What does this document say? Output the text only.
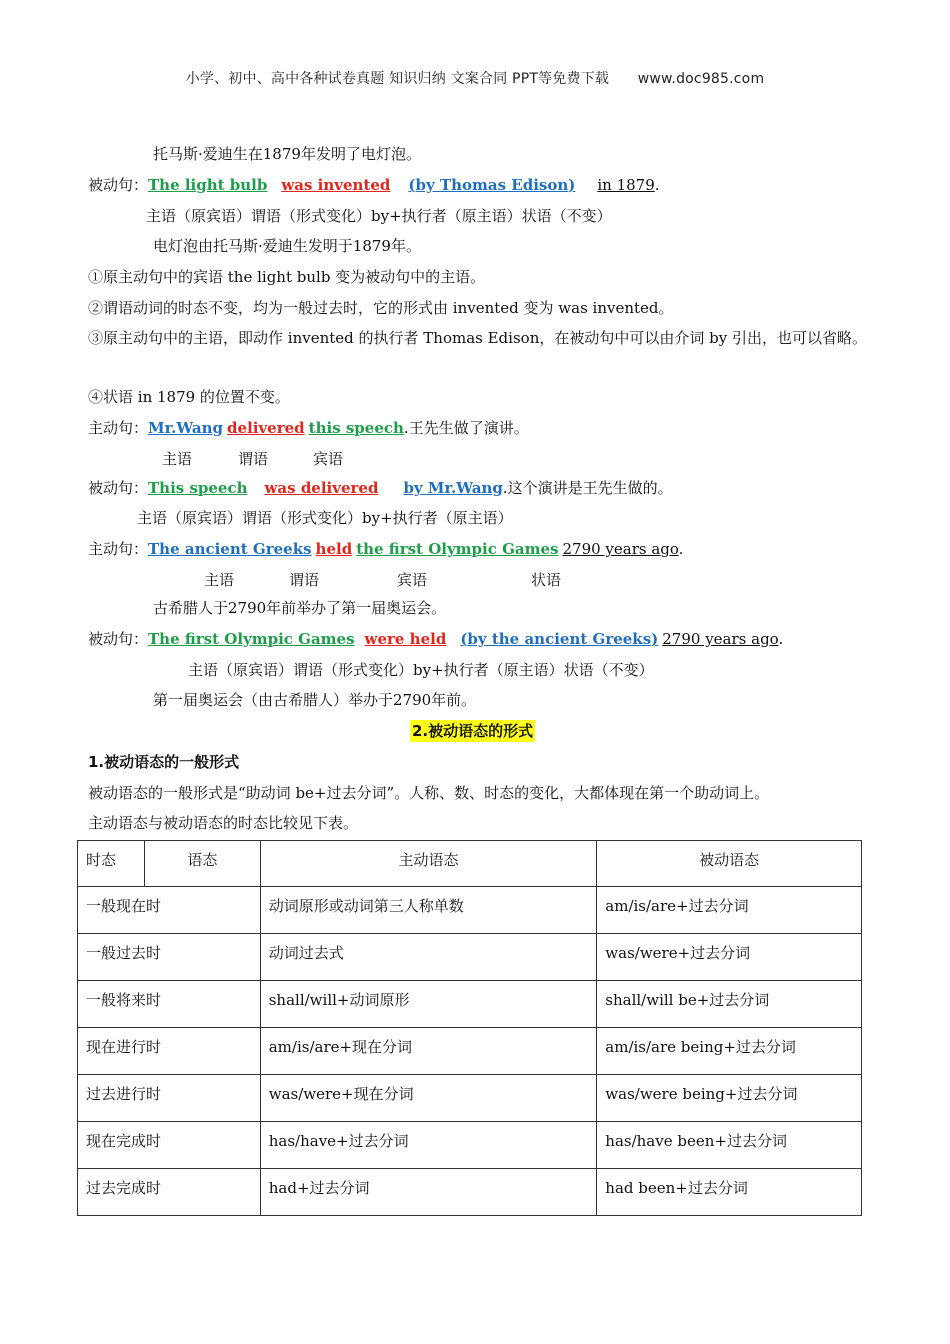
小学、初中、高中各种试卷真题 知识归纳 文案合同 PPT等免费下载 www.doc985.com
托马斯·爱迪生在1879年发明了电灯泡。
被动句：The light bulb was invented (by Thomas Edison) in 1879.
主语（原宾语）谓语（形式变化）by+执行者（原主语）状语（不变）
电灯泡由托马斯·爱迪生发明于1879年。
①原主动句中的宾语 the light bulb 变为被动句中的主语。
②谓语动词的时态不变，均为一般过去时，它的形式由 invented 变为 was invented。
③原主动句中的主语，即动作 invented 的执行者 Thomas Edison，在被动句中可以由介词 by 引出，也可以省略。
④状语 in 1879 的位置不变。
主动句：Mr.Wang delivered this speech.王先生做了演讲。
主语	谓语	宾语
被动句：This speech was delivered by Mr.Wang.这个演讲是王先生做的。
主语（原宾语）谓语（形式变化）by+执行者（原主语）
主动句：The ancient Greeks held the first Olympic Games 2790 years ago.
主语	谓语	宾语	状语
古希腊人于2790年前举办了第一届奥运会。
被动句：The first Olympic Games were held (by the ancient Greeks) 2790 years ago.
主语（原宾语）谓语（形式变化）by+执行者（原主语）状语（不变）
第一届奥运会（由古希腊人）举办于2790年前。
2.被动语态的形式
1.被动语态的一般形式
被动语态的一般形式是“助动词 be+过去分词”。人称、数、时态的变化，大都体现在第一个助动词上。
主动语态与被动语态的时态比较见下表。
时态	语态	主动语态	被动语态
一般现在时		动词原形或动词第三人称单数	am/is/are+过去分词
一般过去时		动词过去式	was/were+过去分词
一般将来时		shall/will+动词原形	shall/will be+过去分词
现在进行时		am/is/are+现在分词	am/is/are being+过去分词
过去进行时		was/were+现在分词	was/were being+过去分词
现在完成时		has/have+过去分词	has/have been+过去分词
过去完成时		had+过去分词	had been+过去分词
